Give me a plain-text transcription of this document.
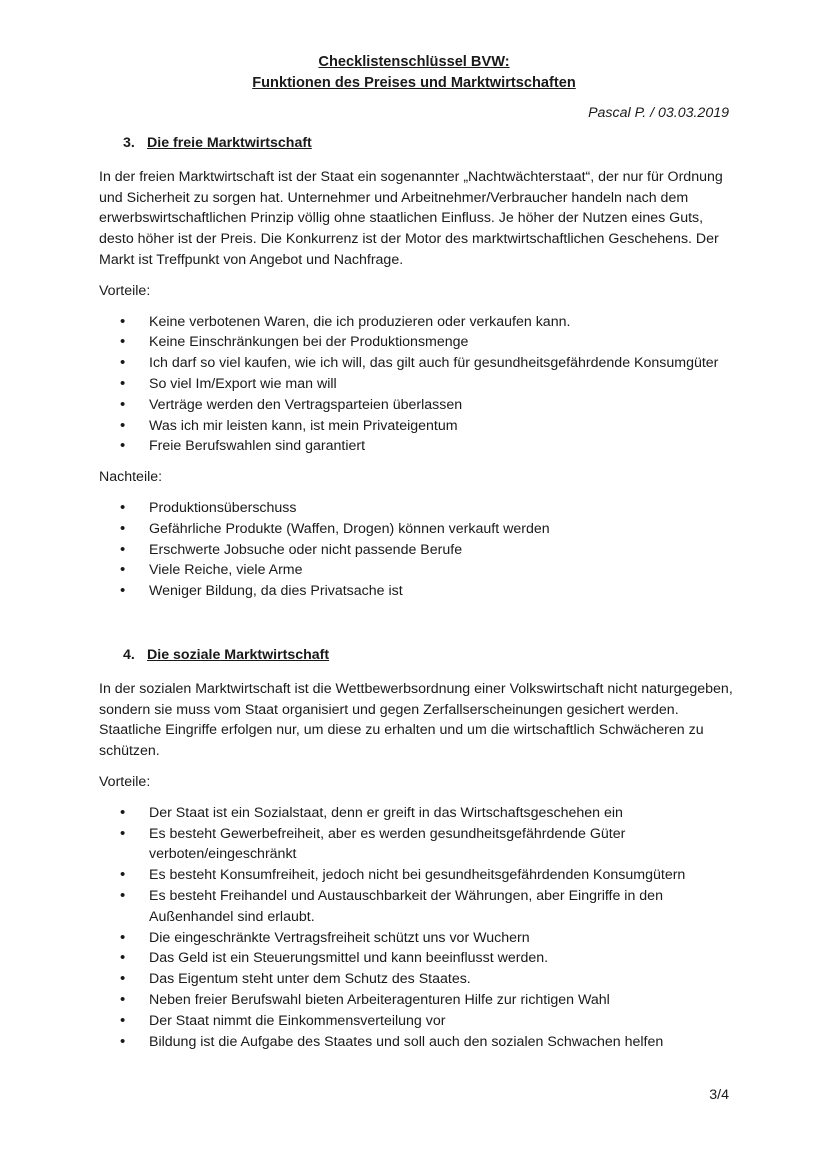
Checklistenschlüssel BVW:
Funktionen des Preises und Marktwirtschaften
Pascal P. / 03.03.2019
3. Die freie Marktwirtschaft

In der freien Marktwirtschaft ist der Staat ein sogenannter „Nachtwächterstaat“, der nur für Ordnung und Sicherheit zu sorgen hat. Unternehmer und Arbeitnehmer/Verbraucher handeln nach dem erwerbswirtschaftlichen Prinzip völlig ohne staatlichen Einfluss. Je höher der Nutzen eines Guts, desto höher ist der Preis. Die Konkurrenz ist der Motor des marktwirtschaftlichen Geschehens. Der Markt ist Treffpunkt von Angebot und Nachfrage.

Vorteile:

• Keine verbotenen Waren, die ich produzieren oder verkaufen kann.
• Keine Einschränkungen bei der Produktionsmenge
• Ich darf so viel kaufen, wie ich will, das gilt auch für gesundheitsgefährdende Konsumgüter
• So viel Im/Export wie man will
• Verträge werden den Vertragsparteien überlassen
• Was ich mir leisten kann, ist mein Privateigentum
• Freie Berufswahlen sind garantiert

Nachteile:

• Produktionsüberschuss
• Gefährliche Produkte (Waffen, Drogen) können verkauft werden
• Erschwerte Jobsuche oder nicht passende Berufe
• Viele Reiche, viele Arme
• Weniger Bildung, da dies Privatsache ist
4. Die soziale Marktwirtschaft

In der sozialen Marktwirtschaft ist die Wettbewerbsordnung einer Volkswirtschaft nicht naturgegeben, sondern sie muss vom Staat organisiert und gegen Zerfallserscheinungen gesichert werden. Staatliche Eingriffe erfolgen nur, um diese zu erhalten und um die wirtschaftlich Schwächeren zu schützen.

Vorteile:

• Der Staat ist ein Sozialstaat, denn er greift in das Wirtschaftsgeschehen ein
• Es besteht Gewerbefreiheit, aber es werden gesundheitsgefährdende Güter verboten/eingeschränkt
• Es besteht Konsumfreiheit, jedoch nicht bei gesundheitsgefährdenden Konsumgütern
• Es besteht Freihandel und Austauschbarkeit der Währungen, aber Eingriffe in den Außenhandel sind erlaubt.
• Die eingeschränkte Vertragsfreiheit schützt uns vor Wuchern
• Das Geld ist ein Steuerungsmittel und kann beeinflusst werden.
• Das Eigentum steht unter dem Schutz des Staates.
• Neben freier Berufswahl bieten Arbeiteragenturen Hilfe zur richtigen Wahl
• Der Staat nimmt die Einkommensverteilung vor
• Bildung ist die Aufgabe des Staates und soll auch den sozialen Schwachen helfen
3/4
